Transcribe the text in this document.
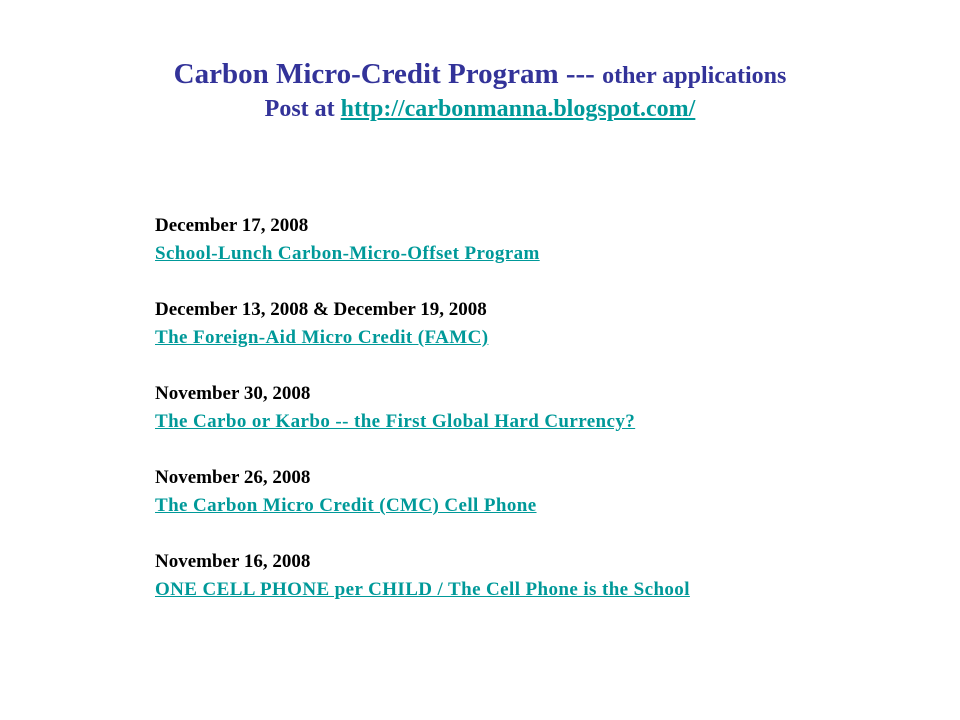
Carbon Micro-Credit Program --- other applications
Post at http://carbonmanna.blogspot.com/
December 17, 2008
School-Lunch Carbon-Micro-Offset Program
December 13, 2008 & December 19, 2008
The Foreign-Aid Micro Credit (FAMC)
November 30, 2008
The Carbo or Karbo -- the First Global Hard Currency?
November 26, 2008
The Carbon Micro Credit (CMC) Cell Phone
November 16, 2008
ONE CELL PHONE per CHILD / The Cell Phone is the School
